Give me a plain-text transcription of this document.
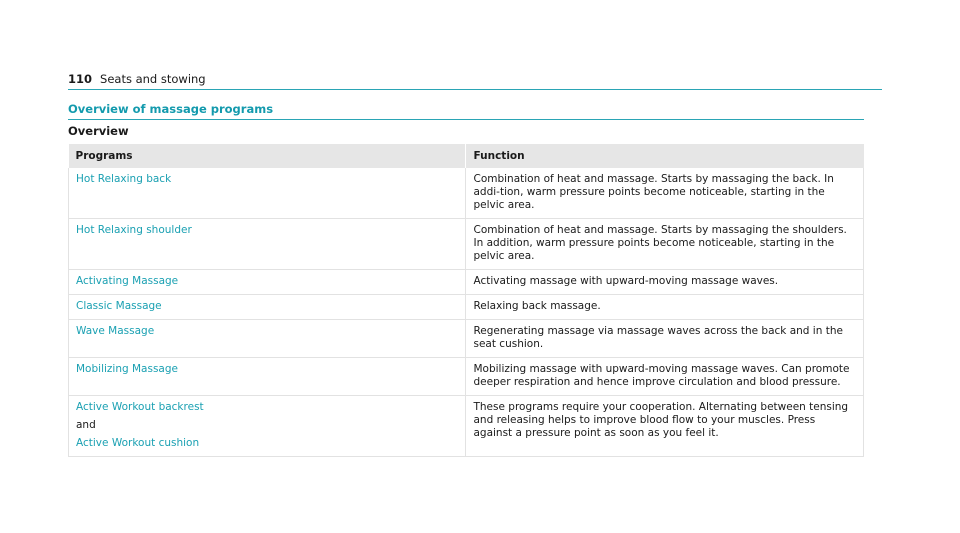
110 Seats and stowing
Overview of massage programs
Overview
Programs	Function
Hot Relaxing back	Combination of heat and massage. Starts by massaging the back. In addi-tion, warm pressure points become noticeable, starting in the pelvic area.

Hot Relaxing shoulder	Combination of heat and massage. Starts by massaging the shoulders. In addition, warm pressure points become noticeable, starting in the pelvic area.

Activating Massage	Activating massage with upward-moving massage waves.

Classic Massage	Relaxing back massage.

Wave Massage	Regenerating massage via massage waves across the back and in the seat cushion.

Mobilizing Massage	Mobilizing massage with upward-moving massage waves. Can promote deeper respiration and hence improve circulation and blood pressure.

Active Workout backrest
and
Active Workout cushion	These programs require your cooperation. Alternating between tensing and releasing helps to improve blood flow to your muscles. Press against a pressure point as soon as you feel it.
